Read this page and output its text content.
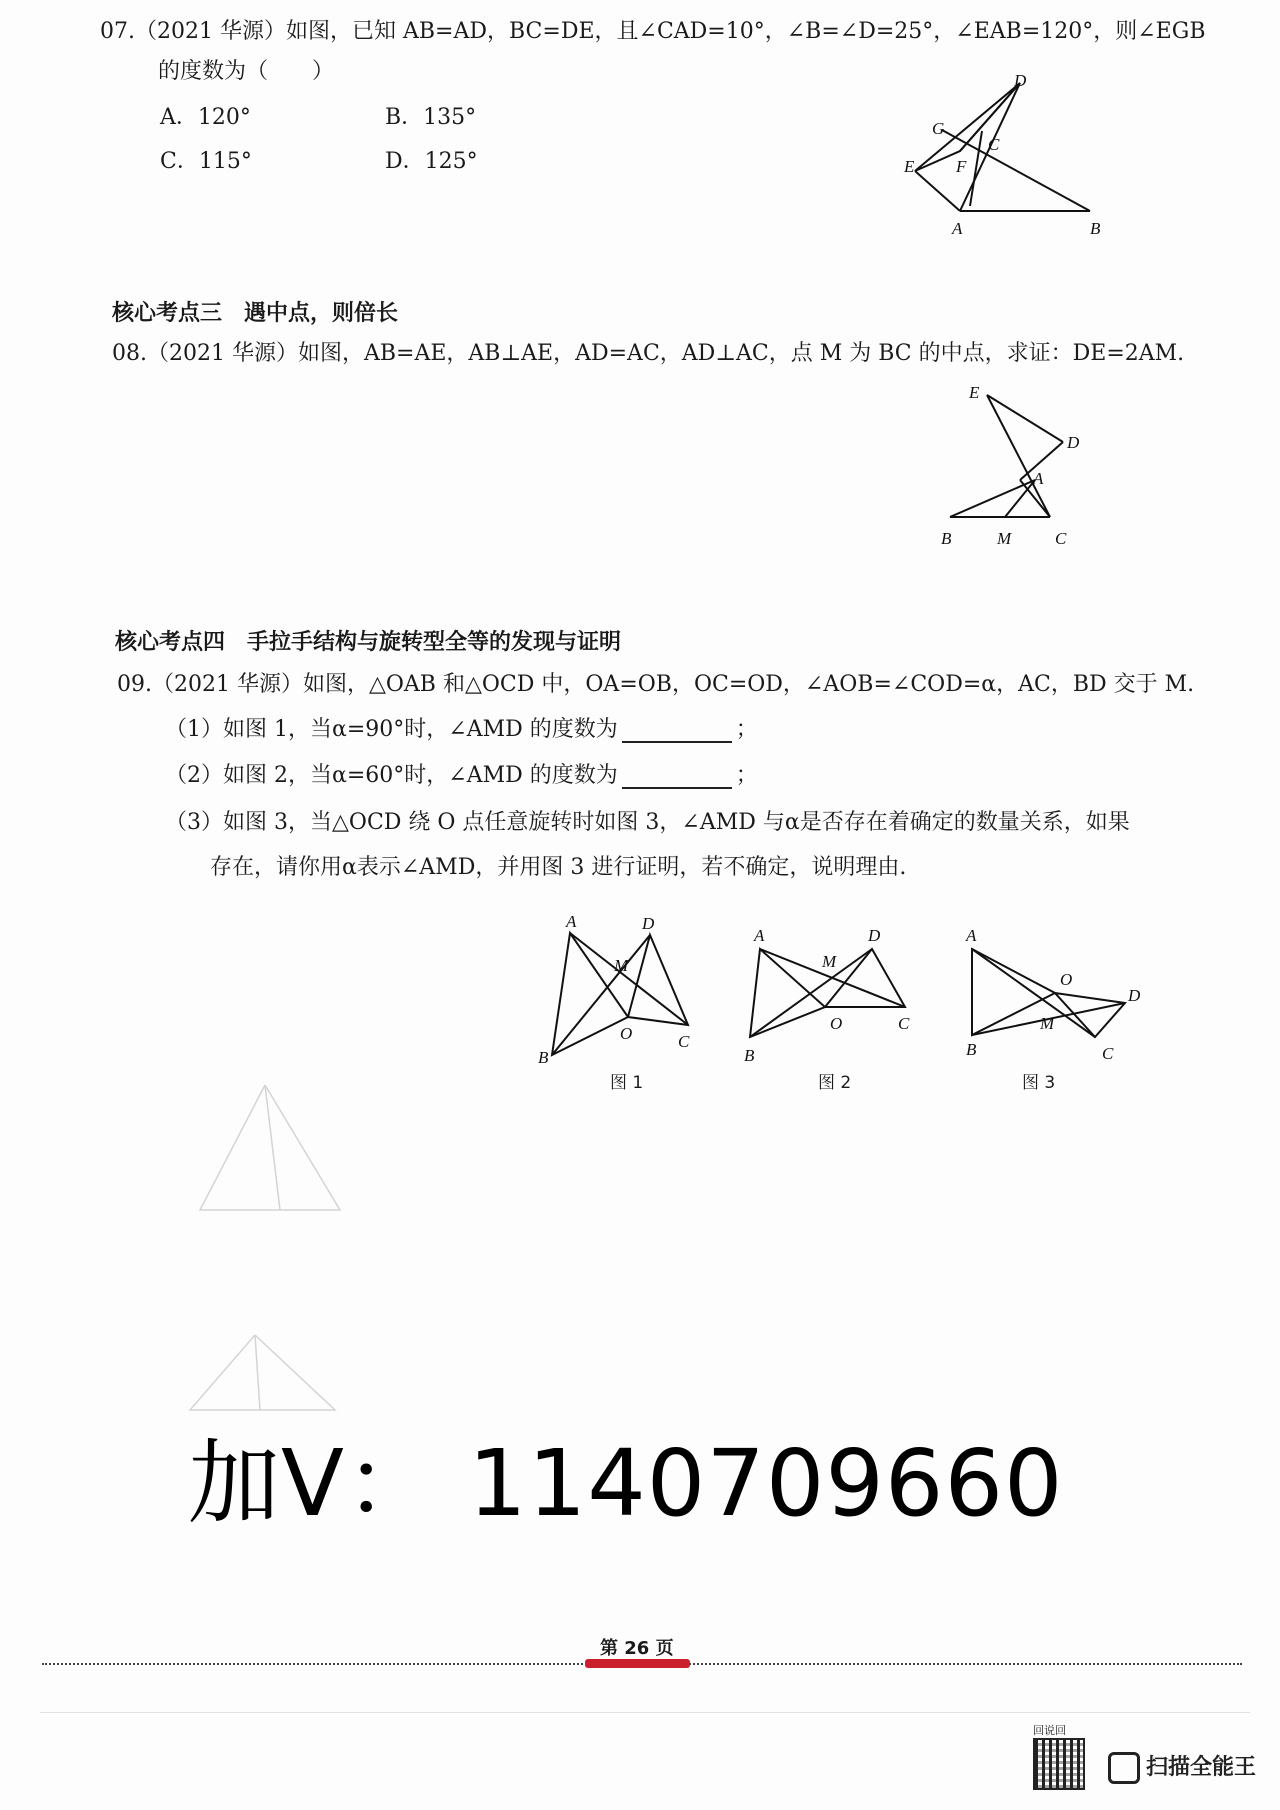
07.（2021 华源）如图，已知 AB=AD，BC=DE，且∠CAD=10°，∠B=∠D=25°，∠EAB=120°，则∠EGB
的度数为（　　）
A．120°	B．135°
C．115°	D．125°
D
G
C
E F
A	B
核心考点三　遇中点，则倍长
08.（2021 华源）如图，AB=AE，AB⊥AE，AD=AC，AD⊥AC，点 M 为 BC 的中点，求证：DE=2AM.
E
D
A
B	M	C
核心考点四　手拉手结构与旋转型全等的发现与证明
09.（2021 华源）如图，△OAB 和△OCD 中，OA=OB，OC=OD，∠AOB=∠COD=α，AC，BD 交于 M.
（1）如图 1，当α=90°时，∠AMD 的度数为	；
（2）如图 2，当α=60°时，∠AMD 的度数为	；
（3）如图 3，当△OCD 绕 O 点任意旋转时如图 3，∠AMD 与α是否存在着确定的数量关系，如果
存在，请你用α表示∠AMD，并用图 3 进行证明，若不确定，说明理由.
A	D
M
O
B
C
图 1
A	D
M
O
B
C
图 2
A
O
D
M
B	C
图 3
加V： 1140709660
第 26 页
回说回
扫描全能王
